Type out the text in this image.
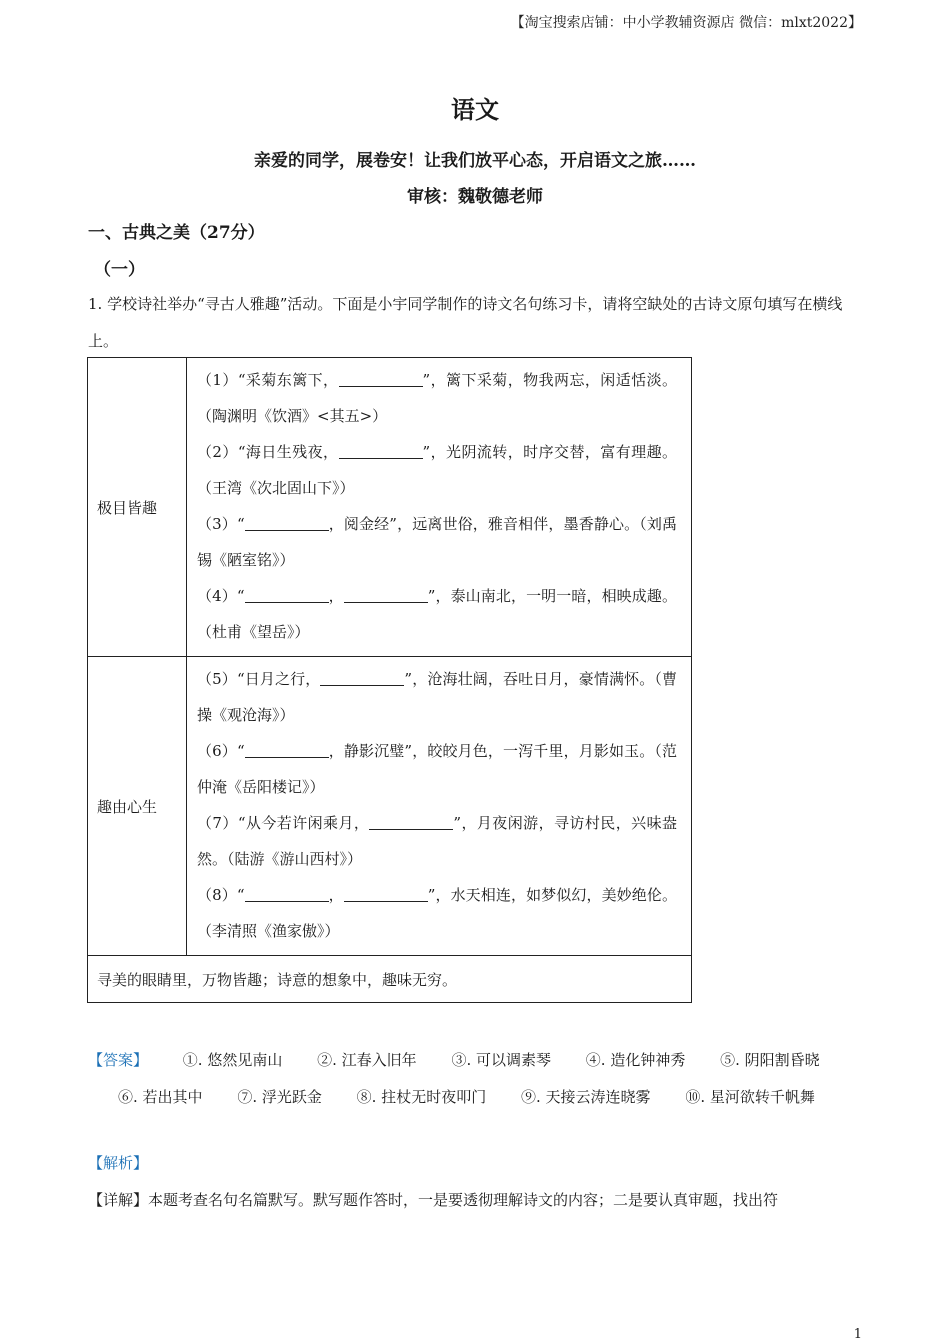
【淘宝搜索店铺：中小学教辅资源店 微信：mlxt2022】
语文
亲爱的同学，展卷安！让我们放平心态，开启语文之旅……
审核：魏敬德老师
一、古典之美（27分）
（一）
1. 学校诗社举办“寻古人雅趣”活动。下面是小宇同学制作的诗文名句练习卡，请将空缺处的古诗文原句填写在横线上。
极目皆趣	（1）“采菊东篱下， ”，篱下采菊，物我两忘，闲适恬淡。（陶渊明《饮酒》<其五>）

（2）“海日生残夜， ”，光阴流转，时序交替，富有理趣。（王湾《次北固山下》）

（3）“ ，阅金经”，远离世俗，雅音相伴，墨香静心。（刘禹锡《陋室铭》）

（4）“ ， ”，泰山南北，一明一暗，相映成趣。（杜甫《望岳》）

趣由心生	（5）“日月之行， ”，沧海壮阔，吞吐日月，豪情满怀。（曹操《观沧海》）

（6）“ ，静影沉璧”，皎皎月色，一泻千里，月影如玉。（范仲淹《岳阳楼记》）

（7）“从今若许闲乘月， ”，月夜闲游，寻访村民，兴味盎然。（陆游《游山西村》）

（8）“ ， ”，水天相连，如梦似幻，美妙绝伦。（李清照《渔家傲》）

寻美的眼睛里，万物皆趣；诗意的想象中，趣味无穷。	
【答案】 ①. 悠然见南山 ②. 江春入旧年 ③. 可以调素琴 ④. 造化钟神秀 ⑤. 阴阳割昏晓 ⑥. 若出其中 ⑦. 浮光跃金 ⑧. 拄杖无时夜叩门 ⑨. 天接云涛连晓雾 ⑩. 星河欲转千帆舞
【解析】
【详解】本题考查名句名篇默写。默写题作答时，一是要透彻理解诗文的内容；二是要认真审题，找出符
1
